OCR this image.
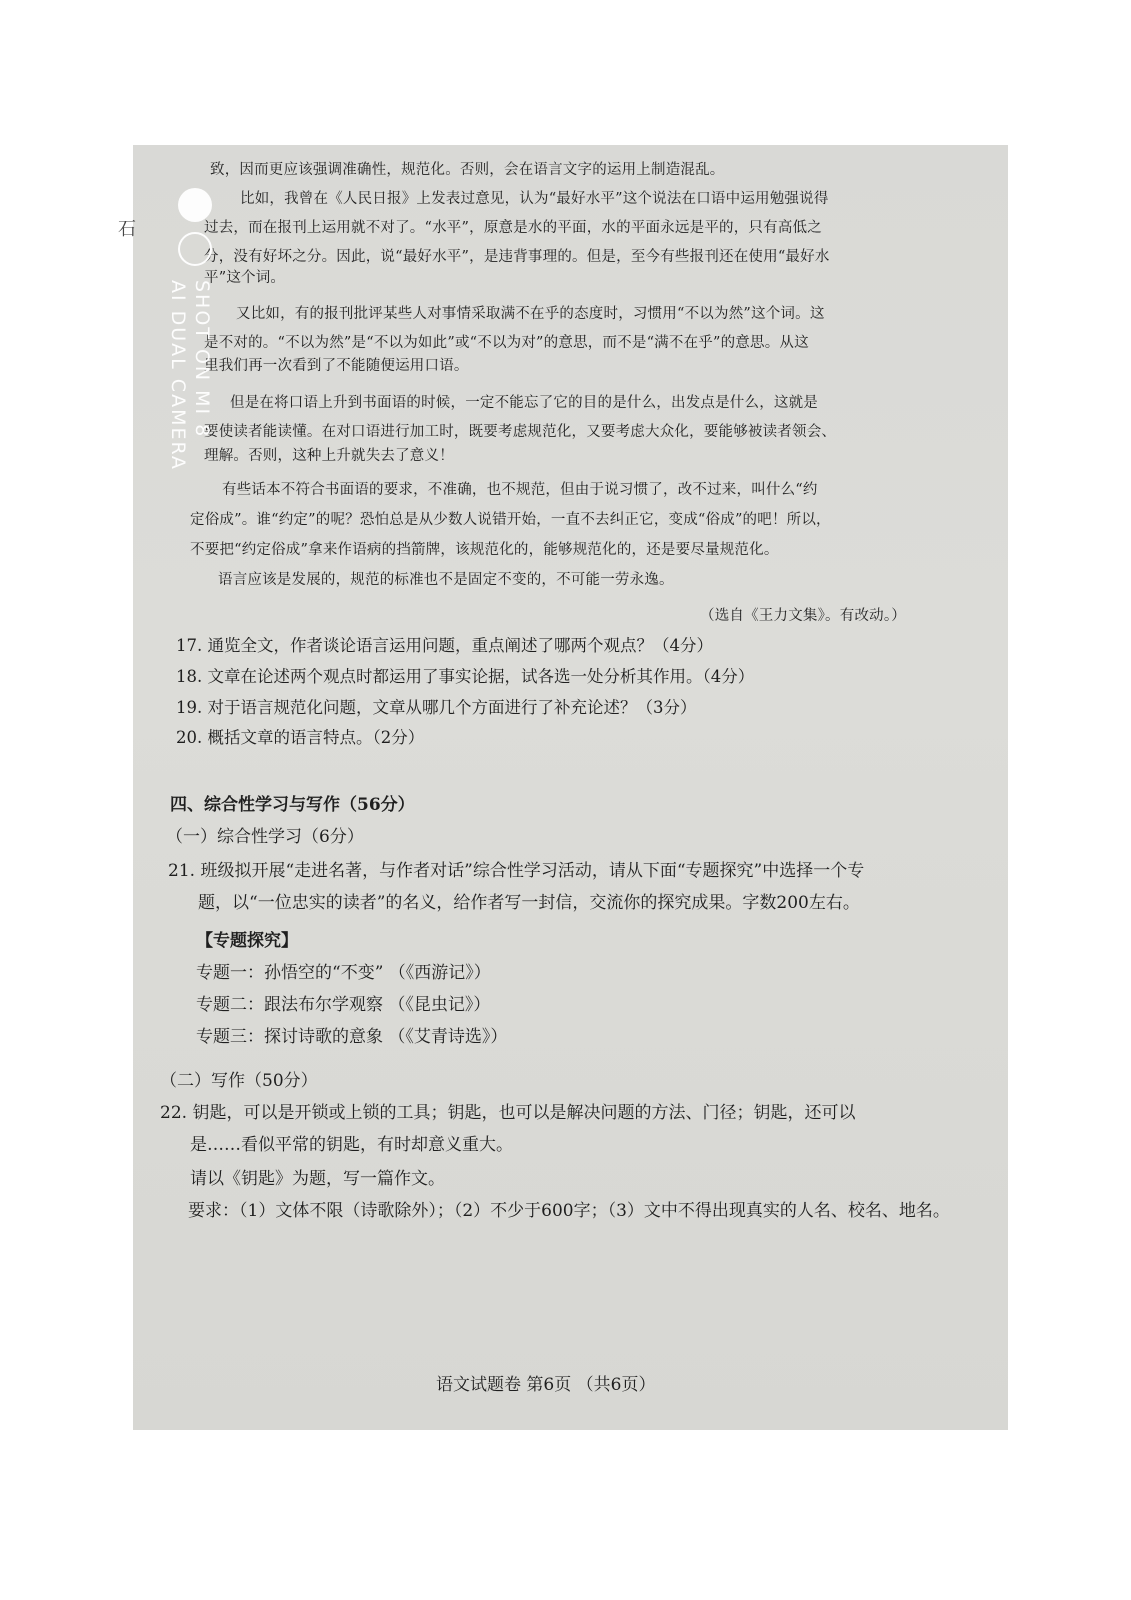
石
致，因而更应该强调准确性，规范化。否则，会在语言文字的运用上制造混乱。
比如，我曾在《人民日报》上发表过意见，认为“最好水平”这个说法在口语中运用勉强说得
过去，而在报刊上运用就不对了。“水平”，原意是水的平面，水的平面永远是平的，只有高低之
分，没有好坏之分。因此，说“最好水平”，是违背事理的。但是，至今有些报刊还在使用“最好水
平”这个词。
又比如，有的报刊批评某些人对事情采取满不在乎的态度时，习惯用“不以为然”这个词。这
是不对的。“不以为然”是“不以为如此”或“不以为对”的意思，而不是“满不在乎”的意思。从这
里我们再一次看到了不能随便运用口语。
但是在将口语上升到书面语的时候，一定不能忘了它的目的是什么，出发点是什么，这就是
要使读者能读懂。在对口语进行加工时，既要考虑规范化，又要考虑大众化，要能够被读者领会、
理解。否则，这种上升就失去了意义！
有些话本不符合书面语的要求，不准确，也不规范，但由于说习惯了，改不过来，叫什么“约
定俗成”。谁“约定”的呢？恐怕总是从少数人说错开始，一直不去纠正它，变成“俗成”的吧！所以，
不要把“约定俗成”拿来作语病的挡箭牌，该规范化的，能够规范化的，还是要尽量规范化。
语言应该是发展的，规范的标准也不是固定不变的，不可能一劳永逸。
（选自《王力文集》。有改动。）
17. 通览全文，作者谈论语言运用问题，重点阐述了哪两个观点？（4分）
18. 文章在论述两个观点时都运用了事实论据，试各选一处分析其作用。（4分）
19. 对于语言规范化问题，文章从哪几个方面进行了补充论述？（3分）
20. 概括文章的语言特点。（2分）
四、综合性学习与写作（56分）
（一）综合性学习（6分）
21. 班级拟开展“走进名著，与作者对话”综合性学习活动，请从下面“专题探究”中选择一个专
题，以“一位忠实的读者”的名义，给作者写一封信，交流你的探究成果。字数200左右。
【专题探究】
专题一：孙悟空的“不变” （《西游记》）
专题二：跟法布尔学观察 （《昆虫记》）
专题三：探讨诗歌的意象 （《艾青诗选》）
（二）写作（50分）
22. 钥匙，可以是开锁或上锁的工具；钥匙，也可以是解决问题的方法、门径；钥匙，还可以
是……看似平常的钥匙，有时却意义重大。
请以《钥匙》为题，写一篇作文。
要求：（1）文体不限（诗歌除外）；（2）不少于600字；（3）文中不得出现真实的人名、校名、地名。
语文试题卷 第6页 （共6页）
SHOT ON MI 8
AI DUAL CAMERA
